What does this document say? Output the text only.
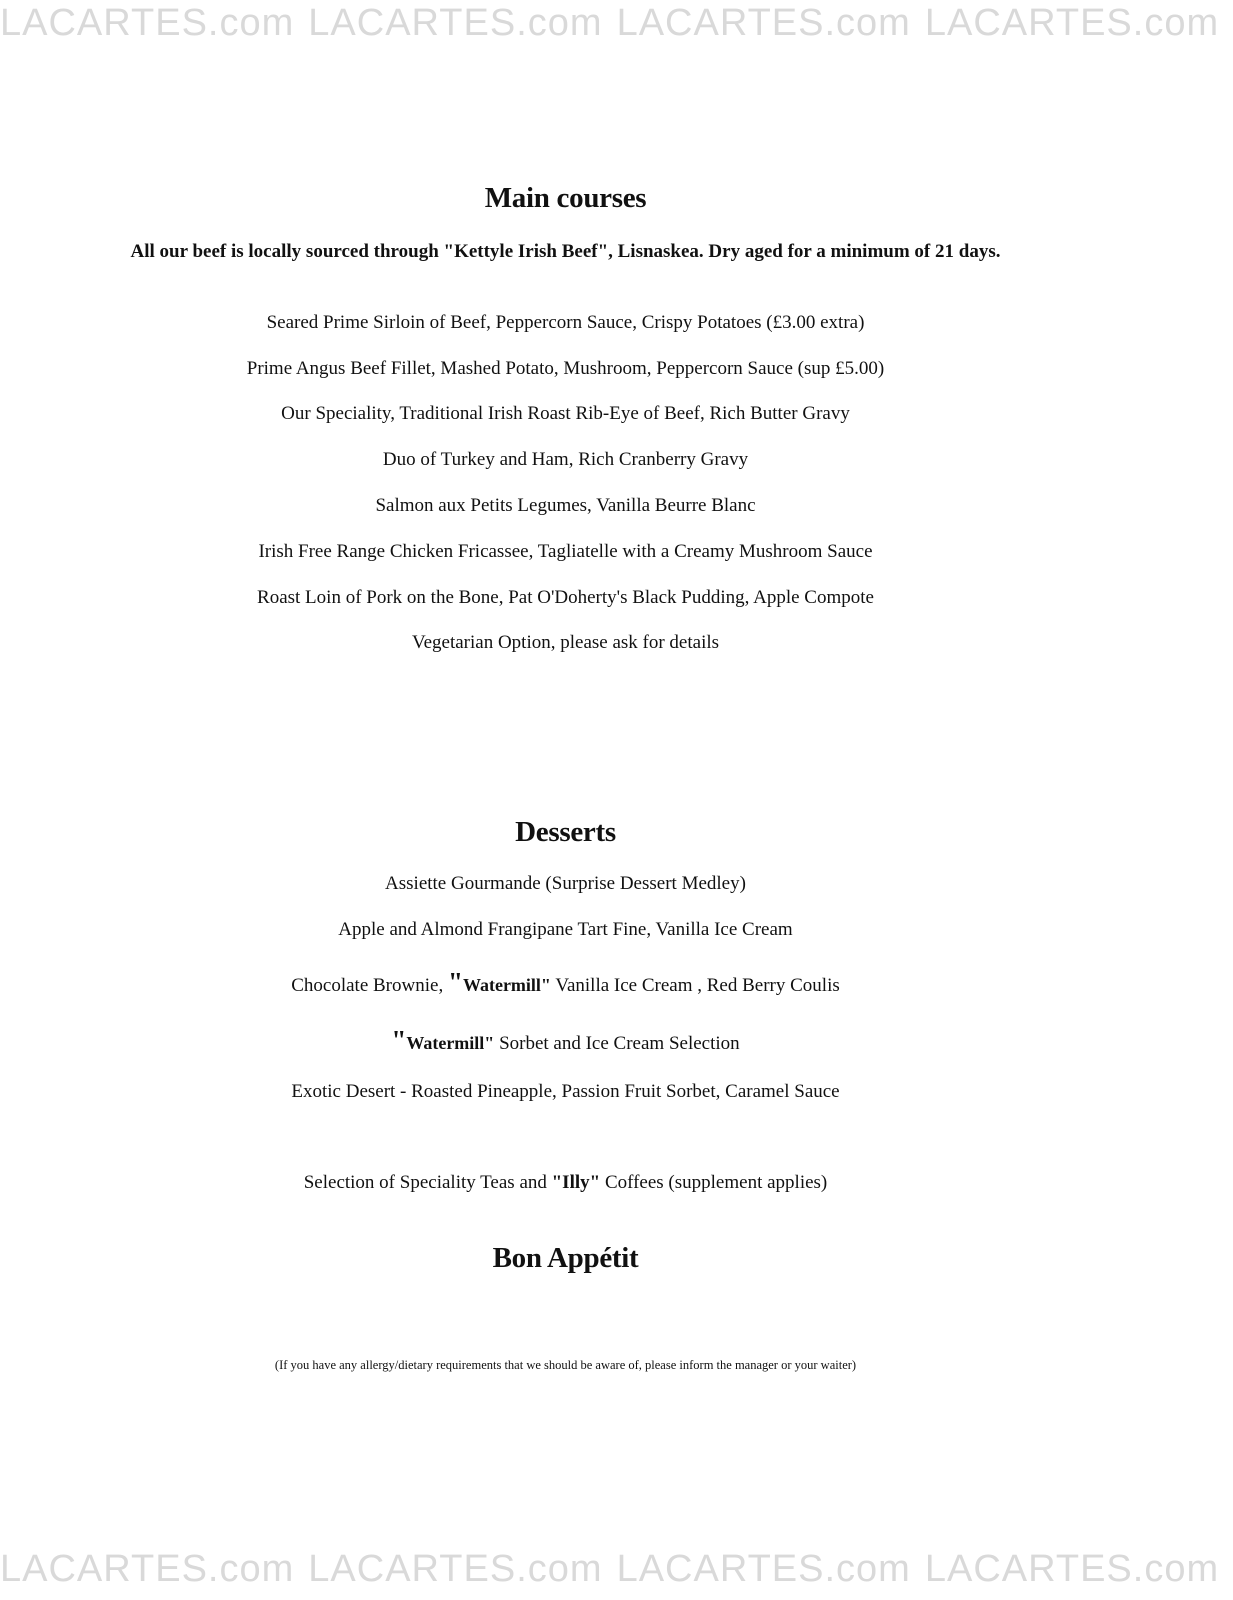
LACARTES.com LACARTES.com LACARTES.com LACARTES.com
Main courses
All our beef is locally sourced through "Kettyle Irish Beef", Lisnaskea. Dry aged for a minimum of 21 days.
Seared Prime Sirloin of Beef, Peppercorn Sauce, Crispy Potatoes (£3.00 extra)
Prime Angus Beef Fillet, Mashed Potato, Mushroom, Peppercorn Sauce (sup £5.00)
Our Speciality, Traditional Irish Roast Rib-Eye of Beef, Rich Butter Gravy
Duo of Turkey and Ham, Rich Cranberry Gravy
Salmon aux Petits Legumes, Vanilla Beurre Blanc
Irish Free Range Chicken Fricassee, Tagliatelle with a Creamy Mushroom Sauce
Roast Loin of Pork on the Bone, Pat O'Doherty's Black Pudding, Apple Compote
Vegetarian Option, please ask for details
Desserts
Assiette Gourmande (Surprise Dessert Medley)
Apple and Almond Frangipane Tart Fine, Vanilla Ice Cream
Chocolate Brownie, "Watermill" Vanilla Ice Cream , Red Berry Coulis
"Watermill" Sorbet and Ice Cream Selection
Exotic Desert - Roasted Pineapple, Passion Fruit Sorbet, Caramel Sauce
Selection of Speciality Teas and "Illy" Coffees (supplement applies)
Bon Appétit
(If you have any allergy/dietary requirements that we should be aware of, please inform the manager or your waiter)
LACARTES.com LACARTES.com LACARTES.com LACARTES.com
